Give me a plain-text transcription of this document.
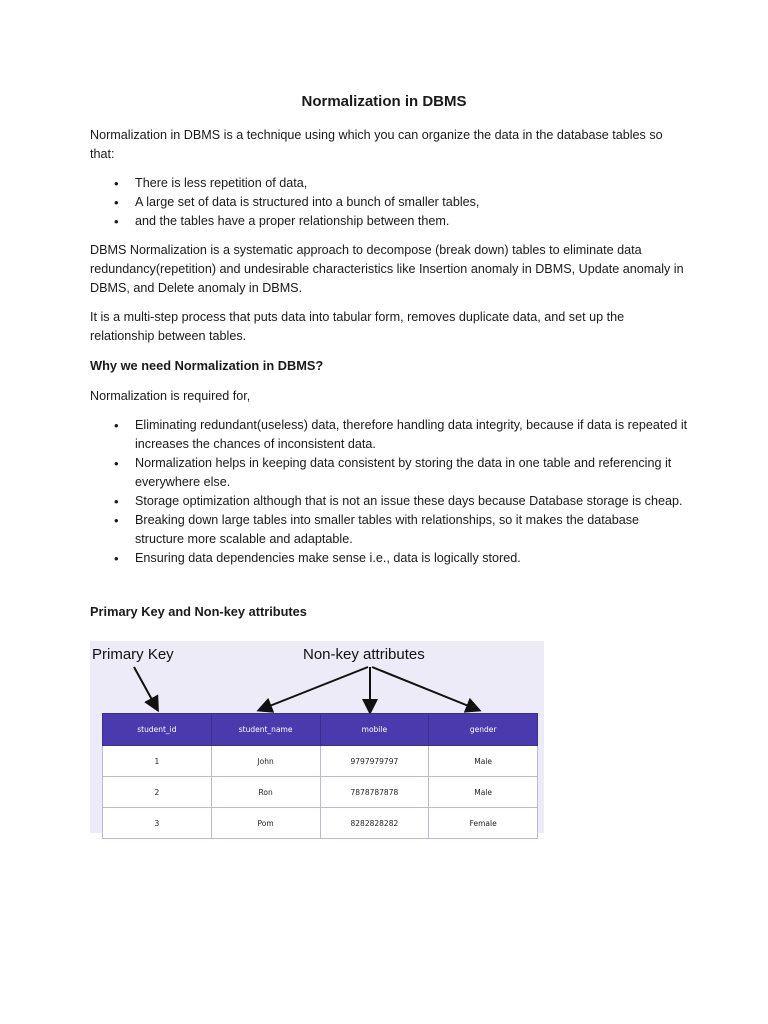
Normalization in DBMS

Normalization in DBMS is a technique using which you can organize the data in the database tables so that:

• There is less repetition of data,
• A large set of data is structured into a bunch of smaller tables,
• and the tables have a proper relationship between them.

DBMS Normalization is a systematic approach to decompose (break down) tables to eliminate data redundancy(repetition) and undesirable characteristics like Insertion anomaly in DBMS, Update anomaly in DBMS, and Delete anomaly in DBMS.

It is a multi-step process that puts data into tabular form, removes duplicate data, and set up the relationship between tables.

Why we need Normalization in DBMS?

Normalization is required for,

• Eliminating redundant(useless) data, therefore handling data integrity, because if data is repeated it increases the chances of inconsistent data.
• Normalization helps in keeping data consistent by storing the data in one table and referencing it everywhere else.
• Storage optimization although that is not an issue these days because Database storage is cheap.
• Breaking down large tables into smaller tables with relationships, so it makes the database structure more scalable and adaptable.
• Ensuring data dependencies make sense i.e., data is logically stored.
Primary Key and Non-key attributes
Primary Key	Non-key attributes
student_id	student_name	mobile	gender
1	John	9797979797	Male
2	Ron	7878787878	Male
3	Pom	8282828282	Female
